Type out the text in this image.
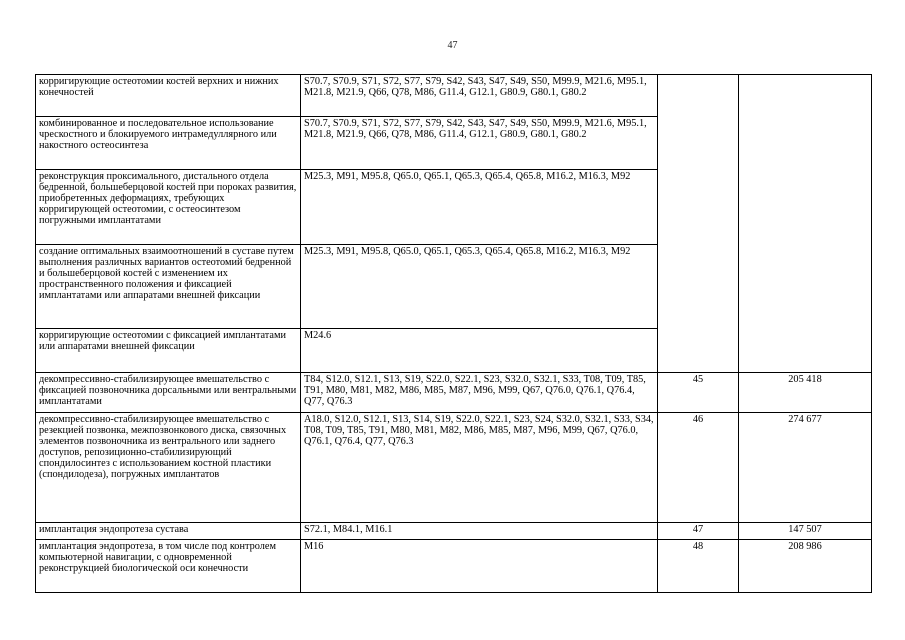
47
корригирующие остеотомии костей верхних и нижних конечностей	S70.7, S70.9, S71, S72, S77, S79, S42, S43, S47, S49, S50, M99.9, M21.6, M95.1, M21.8, M21.9, Q66, Q78, M86, G11.4, G12.1, G80.9, G80.1, G80.2		

комбинированное и последовательное использование чрескостного и блокируемого интрамедуллярного или накостного остеосинтеза	S70.7, S70.9, S71, S72, S77, S79, S42, S43, S47, S49, S50, M99.9, M21.6, M95.1, M21.8, M21.9, Q66, Q78, M86, G11.4, G12.1, G80.9, G80.1, G80.2		

реконструкция проксимального, дистального отдела бедренной, большеберцовой костей при пороках развития, приобретенных деформациях, требующих корригирующей остеотомии, с остеосинтезом погружными имплантатами	M25.3, M91, M95.8, Q65.0, Q65.1, Q65.3, Q65.4, Q65.8, M16.2, M16.3, M92		

создание оптимальных взаимоотношений в суставе путем выполнения различных вариантов остеотомий бедренной и большеберцовой костей с изменением их пространственного положения и фиксацией имплантатами или аппаратами внешней фиксации	M25.3, M91, M95.8, Q65.0, Q65.1, Q65.3, Q65.4, Q65.8, M16.2, M16.3, M92		

корригирующие остеотомии с фиксацией имплантатами или аппаратами внешней фиксации	M24.6		

декомпрессивно-стабилизирующее вмешательство с фиксацией позвоночника дорсальными или вентральными имплантатами	T84, S12.0, S12.1, S13, S19, S22.0, S22.1, S23, S32.0, S32.1, S33, T08, T09, T85, T91, M80, M81, M82, M86, M85, M87, M96, M99, Q67, Q76.0, Q76.1, Q76.4, Q77, Q76.3	45	205 418

декомпрессивно-стабилизирующее вмешательство с резекцией позвонка, межпозвонкового диска, связочных элементов позвоночника из вентрального или заднего доступов, репозиционно-стабилизирующий спондилосинтез с использованием костной пластики (спондилодеза), погружных имплантатов	A18.0, S12.0, S12.1, S13, S14, S19, S22.0, S22.1, S23, S24, S32.0, S32.1, S33, S34, T08, T09, T85, T91, M80, M81, M82, M86, M85, M87, M96, M99, Q67, Q76.0, Q76.1, Q76.4, Q77, Q76.3	46	274 677

имплантация эндопротеза сустава	S72.1, M84.1, M16.1	47	147 507

имплантация эндопротеза, в том числе под контролем компьютерной навигации, с одновременной реконструкцией биологической оси конечности	M16	48	208 986
